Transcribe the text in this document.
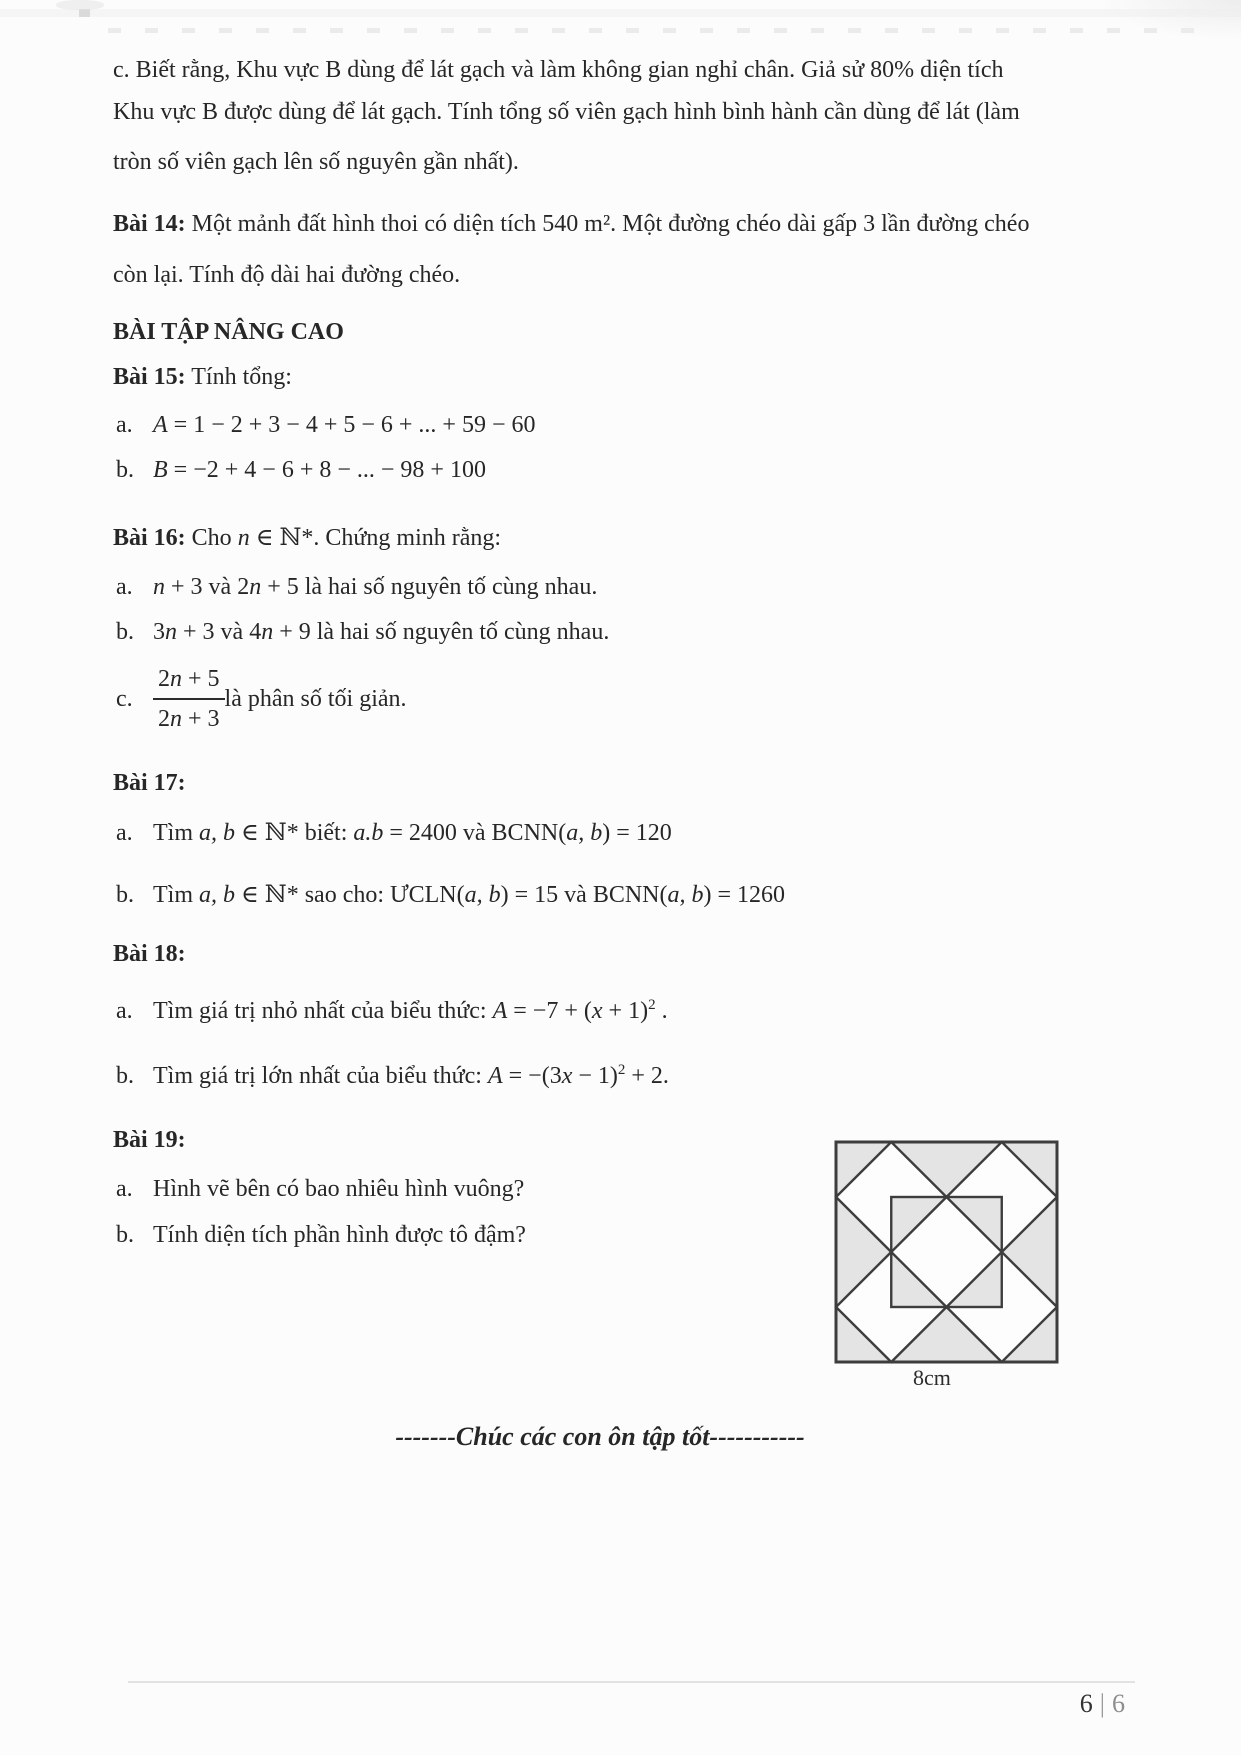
c. Biết rằng, Khu vực B dùng để lát gạch và làm không gian nghỉ chân. Giả sử 80% diện tích
Khu vực B được dùng để lát gạch. Tính tổng số viên gạch hình bình hành cần dùng để lát (làm
tròn số viên gạch lên số nguyên gần nhất).
Bài 14: Một mảnh đất hình thoi có diện tích 540 m². Một đường chéo dài gấp 3 lần đường chéo
còn lại. Tính độ dài hai đường chéo.
BÀI TẬP NÂNG CAO
Bài 15: Tính tổng:
a. A = 1 − 2 + 3 − 4 + 5 − 6 + ... + 59 − 60
b. B = −2 + 4 − 6 + 8 − ... − 98 + 100
Bài 16: Cho n ∈ ℕ*. Chứng minh rằng:
a. n + 3 và 2n + 5 là hai số nguyên tố cùng nhau.
b. 3n + 3 và 4n + 9 là hai số nguyên tố cùng nhau.
c. $\frac{2n + 5}{2n + 3}$ là phân số tối giản.
Bài 17:
a. Tìm a, b ∈ ℕ* biết: a.b = 2400 và BCNN(a, b) = 120
b. Tìm a, b ∈ ℕ* sao cho: ƯCLN(a, b) = 15 và BCNN(a, b) = 1260
Bài 18:
a. Tìm giá trị nhỏ nhất của biểu thức: $A = -7 + (x + 1)^2$ .
b. Tìm giá trị lớn nhất của biểu thức: $A = -(3x - 1)^2 + 2$.
Bài 19:
a. Hình vẽ bên có bao nhiêu hình vuông?
b. Tính diện tích phần hình được tô đậm?
8cm
-------Chúc các con ôn tập tốt-----------
6 | 6
